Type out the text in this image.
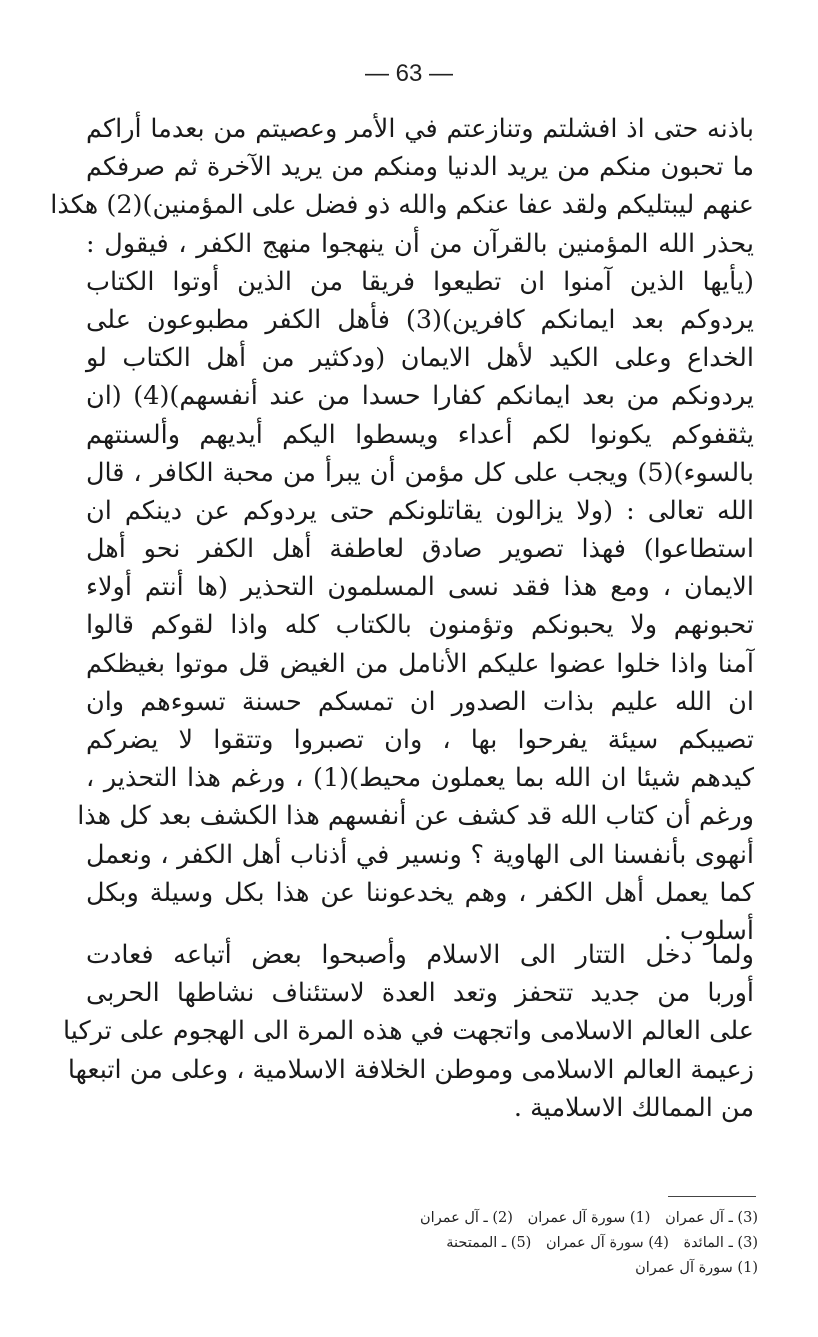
— 63 —
باذنه حتى اذ افشلتم وتنازعتم في الأمر وعصيتم من بعدما أراكم
ما تحبون منكم من يريد الدنيا ومنكم من يريد الآخرة ثم صرفكم
عنهم ليبتليكم ولقد عفا عنكم والله ذو فضل على المؤمنين)(2) هكذا
يحذر الله المؤمنين بالقرآن من أن ينهجوا منهج الكفر ، فيقول :
(يأيها الذين آمنوا ان تطيعوا فريقا من الذين أوتوا الكتاب
يردوكم بعد ايمانكم كافرين)(3) فأهل الكفر مطبوعون على
الخداع وعلى الكيد لأهل الايمان (ودكثير من أهل الكتاب لو
يردونكم من بعد ايمانكم كفارا حسدا من عند أنفسهم)(4) (ان
يثقفوكم يكونوا لكم أعداء ويسطوا اليكم أيديهم وألسنتهم
بالسوء)(5) ويجب على كل مؤمن أن يبرأ من محبة الكافر ، قال
الله تعالى : (ولا يزالون يقاتلونكم حتى يردوكم عن دينكم ان
استطاعوا) فهذا تصوير صادق لعاطفة أهل الكفر نحو أهل
الايمان ، ومع هذا فقد نسى المسلمون التحذير (ها أنتم أولاء
تحبونهم ولا يحبونكم وتؤمنون بالكتاب كله واذا لقوكم قالوا
آمنا واذا خلوا عضوا عليكم الأنامل من الغيض قل موتوا بغيظكم
ان الله عليم بذات الصدور ان تمسكم حسنة تسوءهم وان
تصيبكم سيئة يفرحوا بها ، وان تصبروا وتتقوا لا يضركم
كيدهم شيئا ان الله بما يعملون محيط)(1) ، ورغم هذا التحذير ،
ورغم أن كتاب الله قد كشف عن أنفسهم هذا الكشف بعد كل هذا
أنهوى بأنفسنا الى الهاوية ؟ ونسير في أذناب أهل الكفر ، ونعمل
كما يعمل أهل الكفر ، وهم يخدعوننا عن هذا بكل وسيلة وبكل
أسلوب .
ولما دخل التتار الى الاسلام وأصبحوا بعض أتباعه فعادت
أوربا من جديد تتحفز وتعد العدة لاستئناف نشاطها الحربى
على العالم الاسلامى واتجهت في هذه المرة الى الهجوم على تركيا
زعيمة العالم الاسلامى وموطن الخلافة الاسلامية ، وعلى من اتبعها
من الممالك الاسلامية .
(3) ـ آل عمران (1) سورة آل عمران (2) ـ آل عمران
(3) ـ المائدة (4) سورة آل عمران (5) ـ الممتحنة
(1) سورة آل عمران
